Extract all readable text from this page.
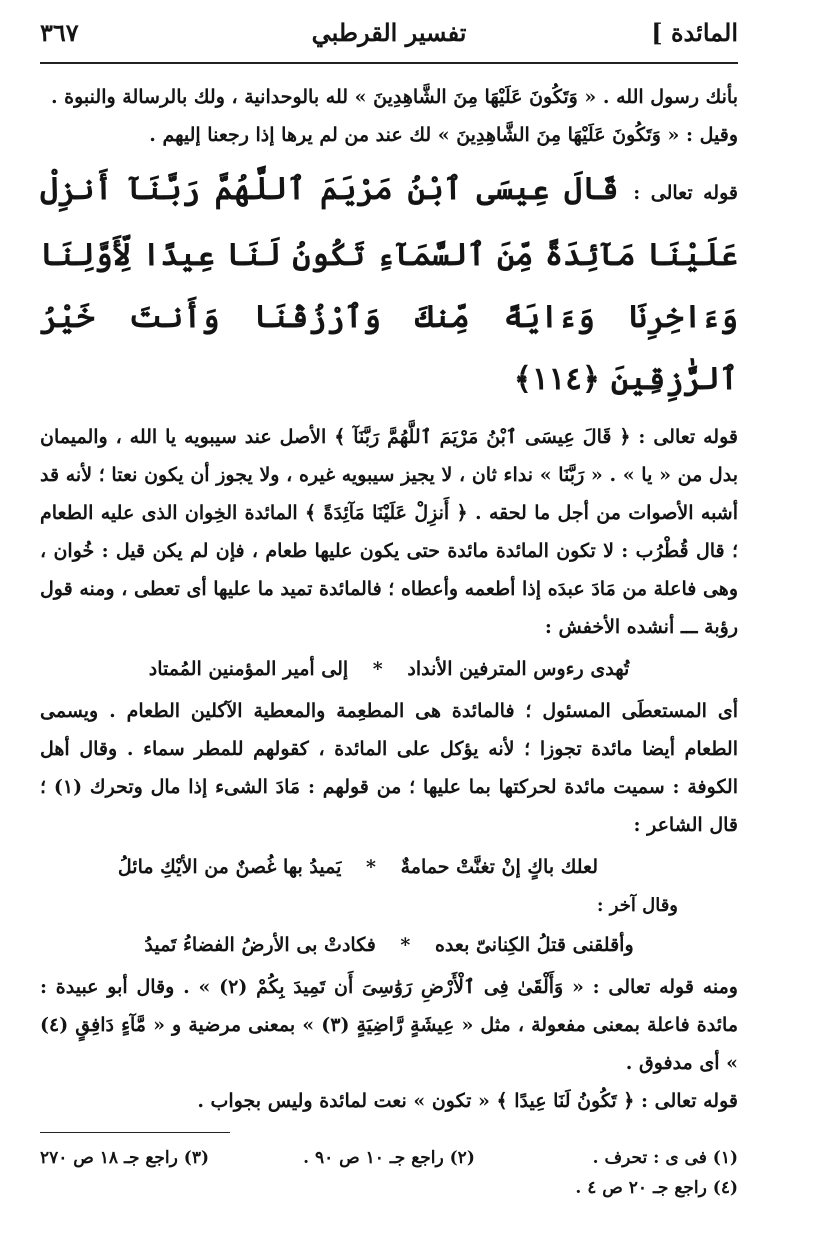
المائدة ]
تفسير القرطبي
٣٦٧

بأنك رسول الله . « وَتَكُونَ عَلَيْهَا مِنَ الشَّاهِدِينَ » لله بالوحدانية ، ولك بالرسالة والنبوة .

وقيل : « وَتَكُونَ عَلَيْهَا مِنَ الشَّاهِدِينَ » لك عند من لم يرها إذا رجعنا إليهم .

قوله تعالى : قَالَ عِيسَى ٱبْنُ مَرْيَمَ ٱللَّهُمَّ رَبَّنَآ أَنزِلْ عَلَيْنَا مَآئِدَةً مِّنَ ٱلسَّمَآءِ تَكُونُ لَنَا عِيدًا لِّأَوَّلِنَا وَءَاخِرِنَا وَءَايَةً مِّنكَ وَٱرْزُقْنَا وَأَنتَ خَيْرُ ٱلرَّٰزِقِينَ ﴿١١٤﴾

قوله تعالى : ﴿ قَالَ عِيسَى ٱبْنُ مَرْيَمَ ٱللَّهُمَّ رَبَّنَآ ﴾ الأصل عند سيبويه يا الله ، والميمان بدل من « يا » . « رَبَّنَا » نداء ثان ، لا يجيز سيبويه غيره ، ولا يجوز أن يكون نعتا ؛ لأنه قد أشبه الأصوات من أجل ما لحقه . ﴿ أَنزِلْ عَلَيْنَا مَآئِدَةً ﴾ المائدة الخِوان الذى عليه الطعام ؛ قال قُطْرُب : لا تكون المائدة مائدة حتى يكون عليها طعام ، فإن لم يكن قيل : خُوان ، وهى فاعلة من مَادَ عبدَه إذا أطعمه وأعطاه ؛ فالمائدة تميد ما عليها أى تعطى ، ومنه قول رؤبة ـــ أنشده الأخفش :

تُهدى رءوس المترفين الأنداد * إلى أمير المؤمنين المُمتاد

أى المستعطَى المسئول ؛ فالمائدة هى المطعِمة والمعطية الآكلين الطعام . ويسمى الطعام أيضا مائدة تجوزا ؛ لأنه يؤكل على المائدة ، كقولهم للمطر سماء . وقال أهل الكوفة : سميت مائدة لحركتها بما عليها ؛ من قولهم : مَادَ الشىء إذا مال وتحرك (١) ؛ قال الشاعر :

لعلك باكٍ إنْ تغنَّتْ حمامةٌ * يَميدُ بها غُصنٌ من الأيْكِ مائلُ

وقال آخر :

وأقلقنى قتلُ الكِنانىّ بعده * فكادتْ بى الأرضُ الفضاءُ تَميدُ

ومنه قوله تعالى : « وَأَلْقَىٰ فِى ٱلْأَرْضِ رَوَٰسِىَ أَن تَمِيدَ بِكُمْ (٢) » . وقال أبو عبيدة : مائدة فاعلة بمعنى مفعولة ، مثل « عِيشَةٍ رَّاضِيَةٍ (٣) » بمعنى مرضية و « مَّآءٍ دَافِقٍ (٤) » أى مدفوق .

قوله تعالى : ﴿ تَكُونُ لَنَا عِيدًا ﴾ « تكون » نعت لمائدة وليس بجواب .

(١) فى ى : تحرف .
(٢) راجع جـ ١٠ ص ٩٠ .
(٣) راجع جـ ١٨ ص ٢٧٠
(٤) راجع جـ ٢٠ ص ٤ .
